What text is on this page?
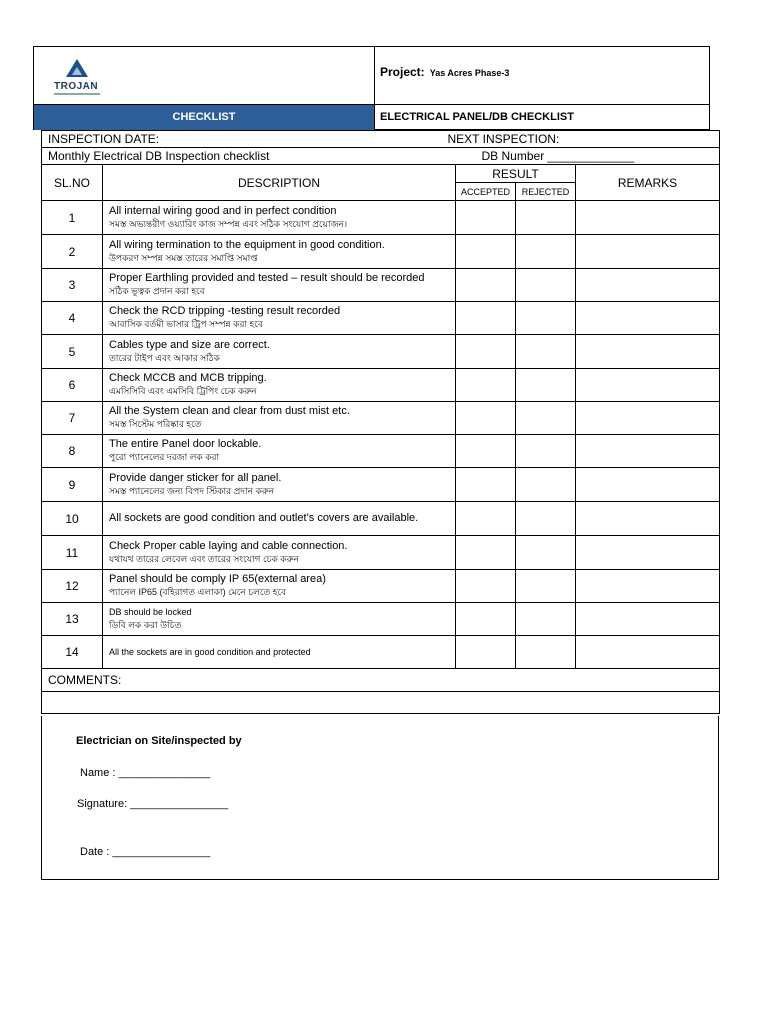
TROJAN
Project: Yas Acres Phase-3
CHECKLIST	ELECTRICAL PANEL/DB CHECKLIST
INSPECTION DATE:		NEXT INSPECTION:		
Monthly Electrical DB Inspection checklist		DB Number _____________		
SL.NO	DESCRIPTION	RESULT		REMARKS
		ACCEPTED	REJECTED	
1	All internal wiring good and in perfect condition
সমস্ত অভ্যন্তরীণ ওয়্যারিং কাজ সম্পন্ন এবং সঠিক সংযোগ প্রয়োজন।			

2	All wiring termination to the equipment in good condition.
উপকরণ সম্পন্ন সমস্ত তারের সমাপ্তি সমাপ্ত			

3	Proper Earthling provided and tested – result should be recorded
সঠিক ভূত্বক প্রদান করা হবে			

4	Check the RCD tripping -testing result recorded
আবাসিক বর্তমী ভাসার ট্রিপ সম্পন্ন করা হবে			

5	Cables type and size are correct.
তারের টাইপ এবং আকার সঠিক			

6	Check MCCB and MCB tripping.
এমসিসিবি এবং এমসিবি ট্রিপিং চেক করুন			

7	All the System clean and clear from dust mist etc.
সমস্ত সিস্টেম পরিষ্কার হতে			

8	The entire Panel door lockable.
পুরো প্যানেলের দরজা লক করা			

9	Provide danger sticker for all panel.
সমস্ত প্যানেলের জন্য বিপদ স্টিকার প্রদান করুন			

10	All sockets are good condition and outlet’s covers are available.

11	Check Proper cable laying and cable connection.
যথাযথ তারের লেবেল এবং তারের সংযোগ চেক করুন			

12	Panel should be comply IP 65(external area)
প্যানেল IP65 (বহিরাগত এলাকা) মেনে চলতে হবে			

13	DB should be locked
ডিবি লক করা উচিত			

14	All the sockets are in good condition and protected

COMMENTS:

Electrician on Site/inspected by
Name : _______________
Signature: ________________
Date : ________________
